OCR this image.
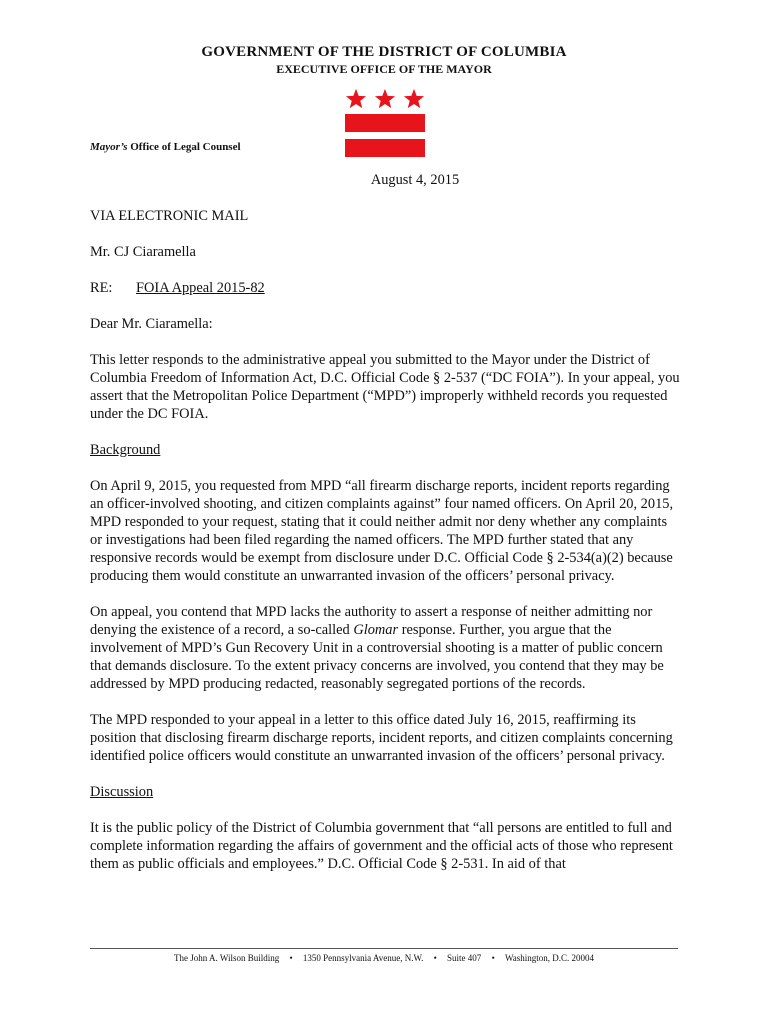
GOVERNMENT OF THE DISTRICT OF COLUMBIA
EXECUTIVE OFFICE OF THE MAYOR
Mayor’s Office of Legal Counsel
August 4, 2015
VIA ELECTRONIC MAIL
Mr. CJ Ciaramella
RE:	FOIA Appeal 2015-82
Dear Mr. Ciaramella:

This letter responds to the administrative appeal you submitted to the Mayor under the District of Columbia Freedom of Information Act, D.C. Official Code § 2-537 (“DC FOIA”). In your appeal, you assert that the Metropolitan Police Department (“MPD”) improperly withheld records you requested under the DC FOIA.

Background

On April 9, 2015, you requested from MPD “all firearm discharge reports, incident reports regarding an officer-involved shooting, and citizen complaints against” four named officers. On April 20, 2015, MPD responded to your request, stating that it could neither admit nor deny whether any complaints or investigations had been filed regarding the named officers. The MPD further stated that any responsive records would be exempt from disclosure under D.C. Official Code § 2-534(a)(2) because producing them would constitute an unwarranted invasion of the officers’ personal privacy.

On appeal, you contend that MPD lacks the authority to assert a response of neither admitting nor denying the existence of a record, a so-called Glomar response. Further, you argue that the involvement of MPD’s Gun Recovery Unit in a controversial shooting is a matter of public concern that demands disclosure. To the extent privacy concerns are involved, you contend that they may be addressed by MPD producing redacted, reasonably segregated portions of the records.

The MPD responded to your appeal in a letter to this office dated July 16, 2015, reaffirming its position that disclosing firearm discharge reports, incident reports, and citizen complaints concerning identified police officers would constitute an unwarranted invasion of the officers’ personal privacy.

Discussion

It is the public policy of the District of Columbia government that “all persons are entitled to full and complete information regarding the affairs of government and the official acts of those who represent them as public officials and employees.” D.C. Official Code § 2-531. In aid of that

The John A. Wilson Building • 1350 Pennsylvania Avenue, N.W. • Suite 407 • Washington, D.C. 20004
